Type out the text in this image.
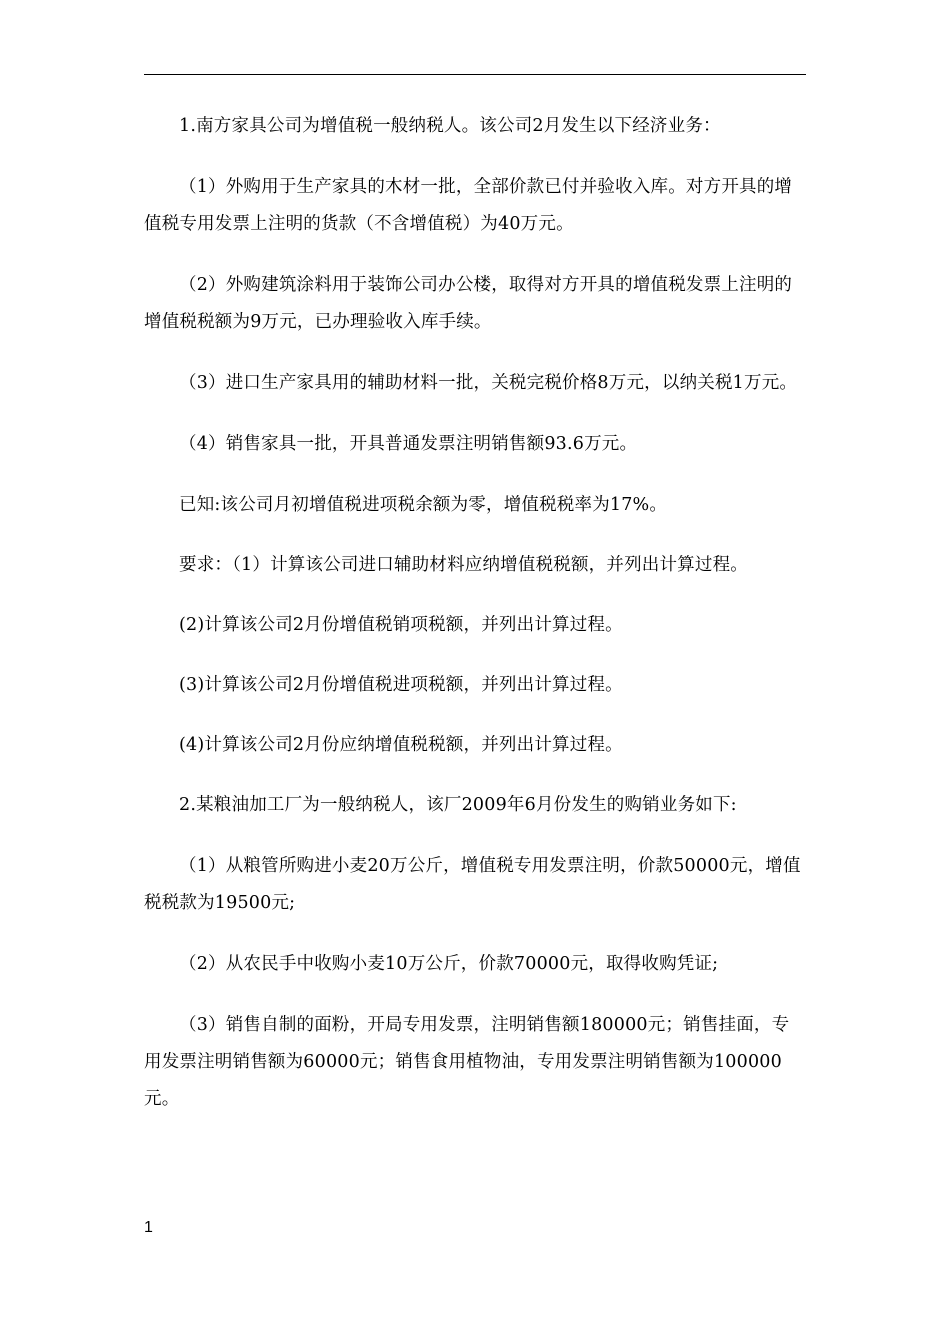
1.南方家具公司为增值税一般纳税人。该公司2月发生以下经济业务：

（1）外购用于生产家具的木材一批，全部价款已付并验收入库。对方开具的增值税专用发票上注明的货款（不含增值税）为40万元。

（2）外购建筑涂料用于装饰公司办公楼，取得对方开具的增值税发票上注明的增值税税额为9万元，已办理验收入库手续。

（3）进口生产家具用的辅助材料一批，关税完税价格8万元，以纳关税1万元。

（4）销售家具一批，开具普通发票注明销售额93.6万元。

已知:该公司月初增值税进项税余额为零，增值税税率为17%。

要求：（1）计算该公司进口辅助材料应纳增值税税额，并列出计算过程。

(2)计算该公司2月份增值税销项税额，并列出计算过程。

(3)计算该公司2月份增值税进项税额，并列出计算过程。

(4)计算该公司2月份应纳增值税税额，并列出计算过程。

2.某粮油加工厂为一般纳税人，该厂2009年6月份发生的购销业务如下:

（1）从粮管所购进小麦20万公斤，增值税专用发票注明，价款50000元，增值税税款为19500元;

（2）从农民手中收购小麦10万公斤，价款70000元，取得收购凭证;

（3）销售自制的面粉，开局专用发票，注明销售额180000元；销售挂面，专用发票注明销售额为60000元；销售食用植物油，专用发票注明销售额为100000元。

1
